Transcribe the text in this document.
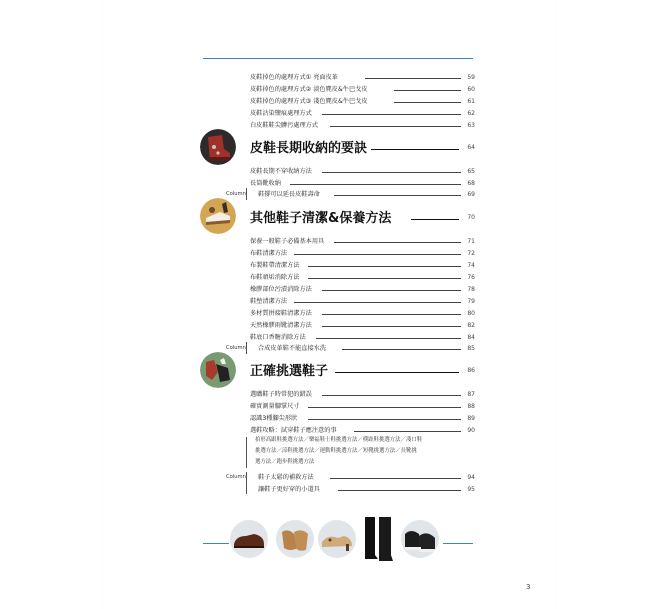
皮鞋掉色的處理方式① 亮面皮革	59
皮鞋掉色的處理方式② 淡色麂皮&牛巴戈皮	60
皮鞋掉色的處理方式③ 淺色麂皮&牛巴戈皮	61
皮鞋沾染鹽痕處理方式	62
白皮鞋鞋尖髒污處理方式	63
皮鞋長期收納的要訣	64
皮鞋長期不穿收納方法	65
長筒靴收納	68
Column 鞋撐可以延長皮鞋壽命	69
其他鞋子清潔&保養方法	70
保養一般鞋子必備基本用具	71
布鞋清潔方法	72
布製鞋帶清潔方法	74
布鞋頑垢消除方法	76
橡膠部位污漬消除方法	78
鞋墊清潔方法	79
多材質拼接鞋清潔方法	80
天然橡膠雨靴清潔方法	82
鞋底口香糖消除方法	84
Column 合成皮革鞋不能直接水洗	85
正確挑選鞋子	86
選購鞋子時常犯的錯誤	87
確實測量腳掌尺寸	88
認識3種腳尖形狀	89
選鞋攻略：試穿鞋子應注意的事	90
拍形高跟鞋挑選方法／樂福鞋士鞋挑選方法／樸趾鞋挑選方法／淺口鞋
挑選方法／涼鞋挑選方法／運動鞋挑選方法／短靴挑選方法／長靴挑
選方法／跑步鞋挑選方法
Column 鞋子太鬆的補救方法	94
讓鞋子更好穿的小道具	95
3
